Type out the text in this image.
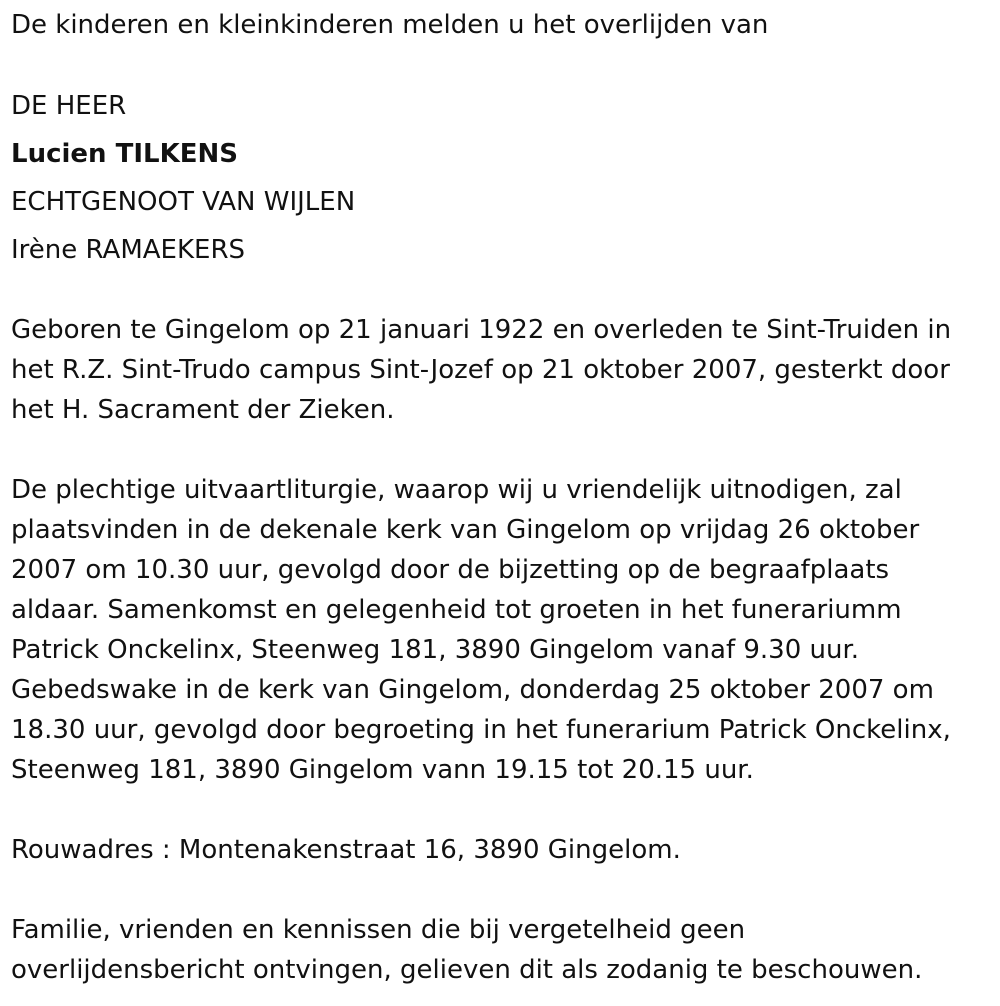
De kinderen en kleinkinderen melden u het overlijden van
DE HEER
Lucien TILKENS
ECHTGENOOT VAN WIJLEN
Irène RAMAEKERS
Geboren te Gingelom op 21 januari 1922 en overleden te Sint-Truiden in
het R.Z. Sint-Trudo campus Sint-Jozef op 21 oktober 2007, gesterkt door
het H. Sacrament der Zieken.
De plechtige uitvaartliturgie, waarop wij u vriendelijk uitnodigen, zal
plaatsvinden in de dekenale kerk van Gingelom op vrijdag 26 oktober
2007 om 10.30 uur, gevolgd door de bijzetting op de begraafplaats
aldaar. Samenkomst en gelegenheid tot groeten in het funerariumm
Patrick Onckelinx, Steenweg 181, 3890 Gingelom vanaf 9.30 uur.
Gebedswake in de kerk van Gingelom, donderdag 25 oktober 2007 om
18.30 uur, gevolgd door begroeting in het funerarium Patrick Onckelinx,
Steenweg 181, 3890 Gingelom vann 19.15 tot 20.15 uur.
Rouwadres : Montenakenstraat 16, 3890 Gingelom.
Familie, vrienden en kennissen die bij vergetelheid geen
overlijdensbericht ontvingen, gelieven dit als zodanig te beschouwen.
